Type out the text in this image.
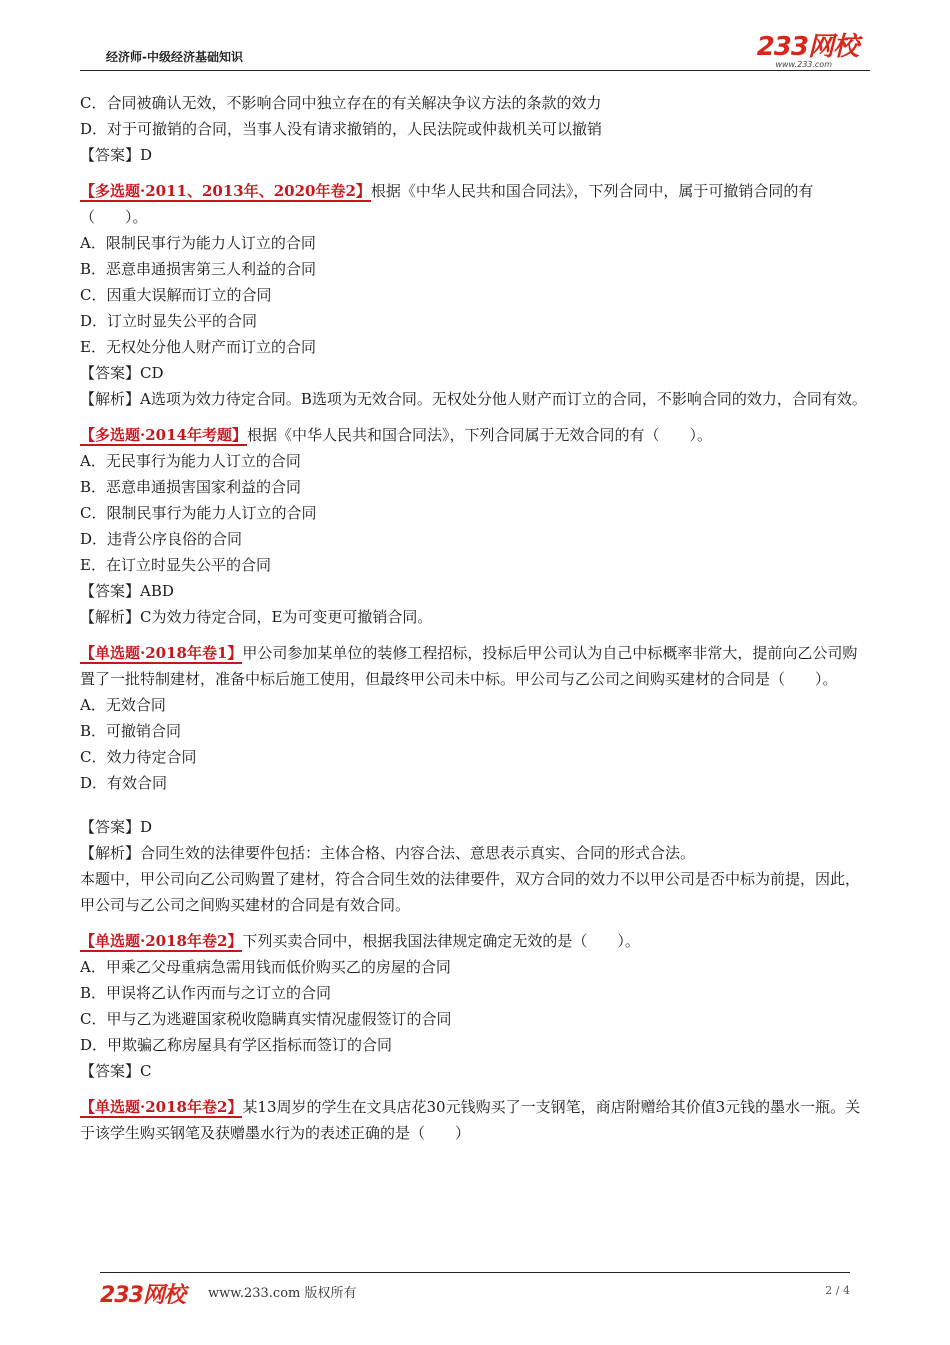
经济师-中级经济基础知识	233网校
www.233.com

C．合同被确认无效，不影响合同中独立存在的有关解决争议方法的条款的效力

D．对于可撤销的合同，当事人没有请求撤销的，人民法院或仲裁机关可以撤销

【答案】D

【多选题·2011、2013年、2020年卷2】根据《中华人民共和国合同法》，下列合同中，属于可撤销合同的有（　　）。

A．限制民事行为能力人订立的合同

B．恶意串通损害第三人利益的合同

C．因重大误解而订立的合同

D．订立时显失公平的合同

E．无权处分他人财产而订立的合同

【答案】CD

【解析】A选项为效力待定合同。B选项为无效合同。无权处分他人财产而订立的合同，不影响合同的效力，合同有效。

【多选题·2014年考题】根据《中华人民共和国合同法》，下列合同属于无效合同的有（　　）。

A．无民事行为能力人订立的合同

B．恶意串通损害国家利益的合同

C．限制民事行为能力人订立的合同

D．违背公序良俗的合同

E．在订立时显失公平的合同

【答案】ABD

【解析】C为效力待定合同，E为可变更可撤销合同。

【单选题·2018年卷1】甲公司参加某单位的装修工程招标，投标后甲公司认为自己中标概率非常大，提前向乙公司购置了一批特制建材，准备中标后施工使用，但最终甲公司未中标。甲公司与乙公司之间购买建材的合同是（　　）。

A．无效合同

B．可撤销合同

C．效力待定合同

D．有效合同

【答案】D

【解析】合同生效的法律要件包括：主体合格、内容合法、意思表示真实、合同的形式合法。

本题中，甲公司向乙公司购置了建材，符合合同生效的法律要件，双方合同的效力不以甲公司是否中标为前提，因此，甲公司与乙公司之间购买建材的合同是有效合同。

【单选题·2018年卷2】下列买卖合同中，根据我国法律规定确定无效的是（　　）。

A．甲乘乙父母重病急需用钱而低价购买乙的房屋的合同

B．甲误将乙认作丙而与之订立的合同

C．甲与乙为逃避国家税收隐瞒真实情况虚假签订的合同

D．甲欺骗乙称房屋具有学区指标而签订的合同

【答案】C

【单选题·2018年卷2】某13周岁的学生在文具店花30元钱购买了一支钢笔，商店附赠给其价值3元钱的墨水一瓶。关于该学生购买钢笔及获赠墨水行为的表述正确的是（　　）

233网校 www.233.com 版权所有	2 / 4
